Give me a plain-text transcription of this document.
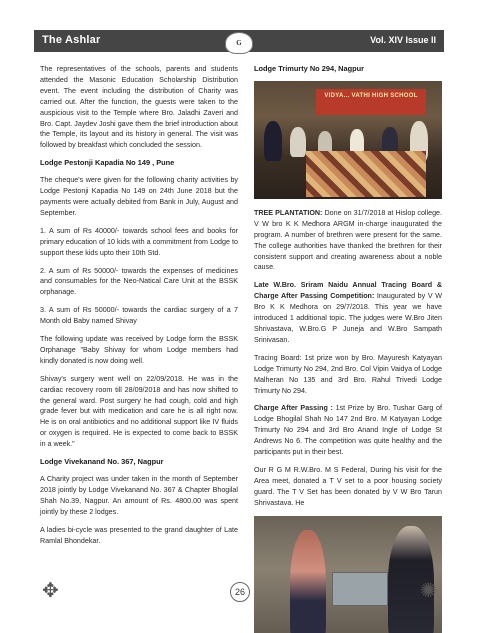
The Ashlar	Vol. XIV Issue II
G

The representatives of the schools, parents and students attended the Masonic Education Scholarship Distribution event. The event including the distribution of Charity was carried out. After the function, the guests were taken to the auspicious visit to the Temple where Bro. Jaladhi Zaveri and Bro. Capt. Jaydev Joshi gave them the brief introduction about the Temple, its layout and its history in general. The visit was followed by breakfast which concluded the session.

Lodge Pestonji Kapadia No 149 , Pune

The cheque's were given for the following charity activities by Lodge Pestonji Kapadia No 149 on 24th June 2018 but the payments were actually debited from Bank in July, August and September.

1. A sum of Rs 40000/- towards school fees and books for primary education of 10 kids with a commitment from Lodge to support these kids upto their 10th Std.

2. A sum of Rs 50000/- towards the expenses of medicines and consumables for the Neo-Natical Care Unit at the BSSK orphanage.

3. A sum of Rs 50000/- towards the cardiac surgery of a 7 Month old Baby named Shivay

The following update was received by Lodge form the BSSK Orphanage "Baby Shivay for whom Lodge members had kindly donated is now doing well.

Shivay's surgery went well on 22/09/2018. He was in the cardiac recovery room till 28/09/2018 and has now shifted to the general ward. Post surgery he had cough, cold and high grade fever but with medication and care he is all right now. He is on oral antibiotics and no additional support like IV fluids or oxygen is required. He is expected to come back to BSSK in a week."

Lodge Vivekanand No. 367, Nagpur

A Charity project was under taken in the month of September 2018 jointly by Lodge Vivekanand No. 367 & Chapter Bhogilal Shah No.39, Nagpur. An amount of Rs. 4800.00 was spent jointly by these 2 lodges.

A ladies bi-cycle was presented to the grand daughter of Late Ramlal Bhondekar.

Lodge Trimurty No 294, Nagpur
VIDYA... VATHI HIGH SCHOOL

TREE PLANTATION: Done on 31/7/2018 at Hislop college. V W bro K K Medhora ARGM in-charge inaugurated the program. A number of brethren were present for the same. The college authorities have thanked the brethren for their consistent support and creating awareness about a noble cause.

Late W.Bro. Sriram Naidu Annual Tracing Board & Charge After Passing Competition: Inaugurated by V W Bro K K Medhora on 29/7/2018. This year we have introduced 1 additional topic. The judges were W.Bro Jiten Shrivastava, W.Bro.G P Juneja and W.Bro Sampath Srinivasan.

Tracing Board: 1st prize won by Bro. Mayuresh Katyayan Lodge Trimurty No 294, 2nd Bro. Col Vipin Vaidya of Lodge Malheran No 135 and 3rd Bro. Rahul Trivedi Lodge Trimurty No 294.

Charge After Passing : 1st Prize by Bro. Tushar Garg of Lodge Bhogilal Shah No 147 2nd Bro. M Katyayan Lodge Trimurty No 294 and 3rd Bro Anand Ingle of Lodge St Andrews No 6. The competition was quite healthy and the participants put in their best.

Our R G M R.W.Bro. M S Federal, During his visit for the Area meet, donated a T V set to a poor housing society guard. The T V Set has been donated by V W Bro Tarun Shrivastava. He

✥	26	✺
